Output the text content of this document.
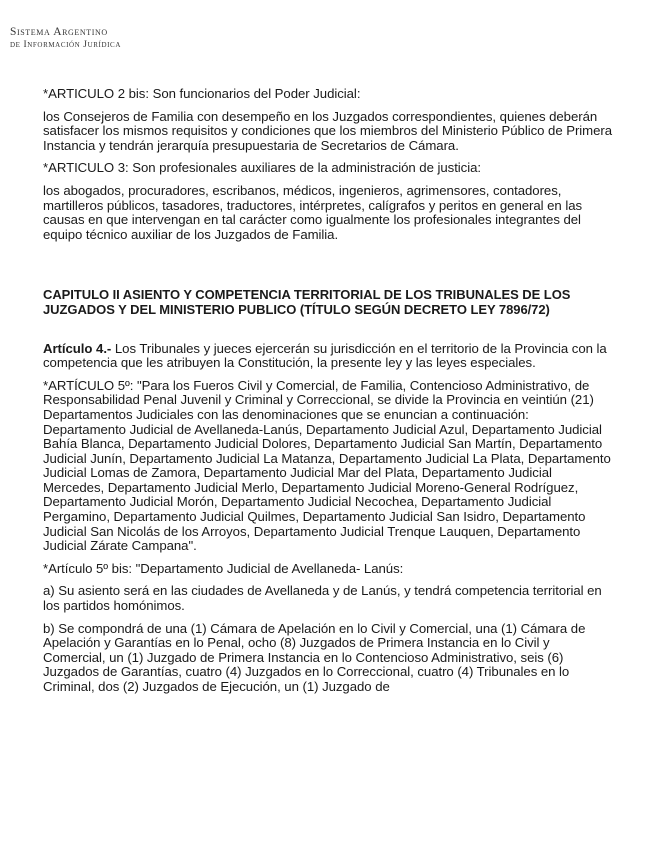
Sistema Argentino
de Información Jurídica

*ARTICULO 2 bis: Son funcionarios del Poder Judicial:

los Consejeros de Familia con desempeño en los Juzgados correspondientes, quienes deberán satisfacer los mismos requisitos y condiciones que los miembros del Ministerio Público de Primera Instancia y tendrán jerarquía presupuestaria de Secretarios de Cámara.

*ARTICULO 3: Son profesionales auxiliares de la administración de justicia:

los abogados, procuradores, escribanos, médicos, ingenieros, agrimensores, contadores, martilleros públicos, tasadores, traductores, intérpretes, calígrafos y peritos en general en las causas en que intervengan en tal carácter como igualmente los profesionales integrantes del equipo técnico auxiliar de los Juzgados de Familia.

CAPITULO II ASIENTO Y COMPETENCIA TERRITORIAL DE LOS TRIBUNALES DE LOS JUZGADOS Y DEL MINISTERIO PUBLICO (TÍTULO SEGÚN DECRETO LEY 7896/72)

Artículo 4.- Los Tribunales y jueces ejercerán su jurisdicción en el territorio de la Provincia con la competencia que les atribuyen la Constitución, la presente ley y las leyes especiales.

*ARTÍCULO 5º: "Para los Fueros Civil y Comercial, de Familia, Contencioso Administrativo, de Responsabilidad Penal Juvenil y Criminal y Correccional, se divide la Provincia en veintiún (21) Departamentos Judiciales con las denominaciones que se enuncian a continuación: Departamento Judicial de Avellaneda-Lanús, Departamento Judicial Azul, Departamento Judicial Bahía Blanca, Departamento Judicial Dolores, Departamento Judicial San Martín, Departamento Judicial Junín, Departamento Judicial La Matanza, Departamento Judicial La Plata, Departamento Judicial Lomas de Zamora, Departamento Judicial Mar del Plata, Departamento Judicial Mercedes, Departamento Judicial Merlo, Departamento Judicial Moreno-General Rodríguez, Departamento Judicial Morón, Departamento Judicial Necochea, Departamento Judicial Pergamino, Departamento Judicial Quilmes, Departamento Judicial San Isidro, Departamento Judicial San Nicolás de los Arroyos, Departamento Judicial Trenque Lauquen, Departamento Judicial Zárate Campana".

*Artículo 5º bis: "Departamento Judicial de Avellaneda- Lanús:

a) Su asiento será en las ciudades de Avellaneda y de Lanús, y tendrá competencia territorial en los partidos homónimos.

b) Se compondrá de una (1) Cámara de Apelación en lo Civil y Comercial, una (1) Cámara de Apelación y Garantías en lo Penal, ocho (8) Juzgados de Primera Instancia en lo Civil y Comercial, un (1) Juzgado de Primera Instancia en lo Contencioso Administrativo, seis (6) Juzgados de Garantías, cuatro (4) Juzgados en lo Correccional, cuatro (4) Tribunales en lo Criminal, dos (2) Juzgados de Ejecución, un (1) Juzgado de
